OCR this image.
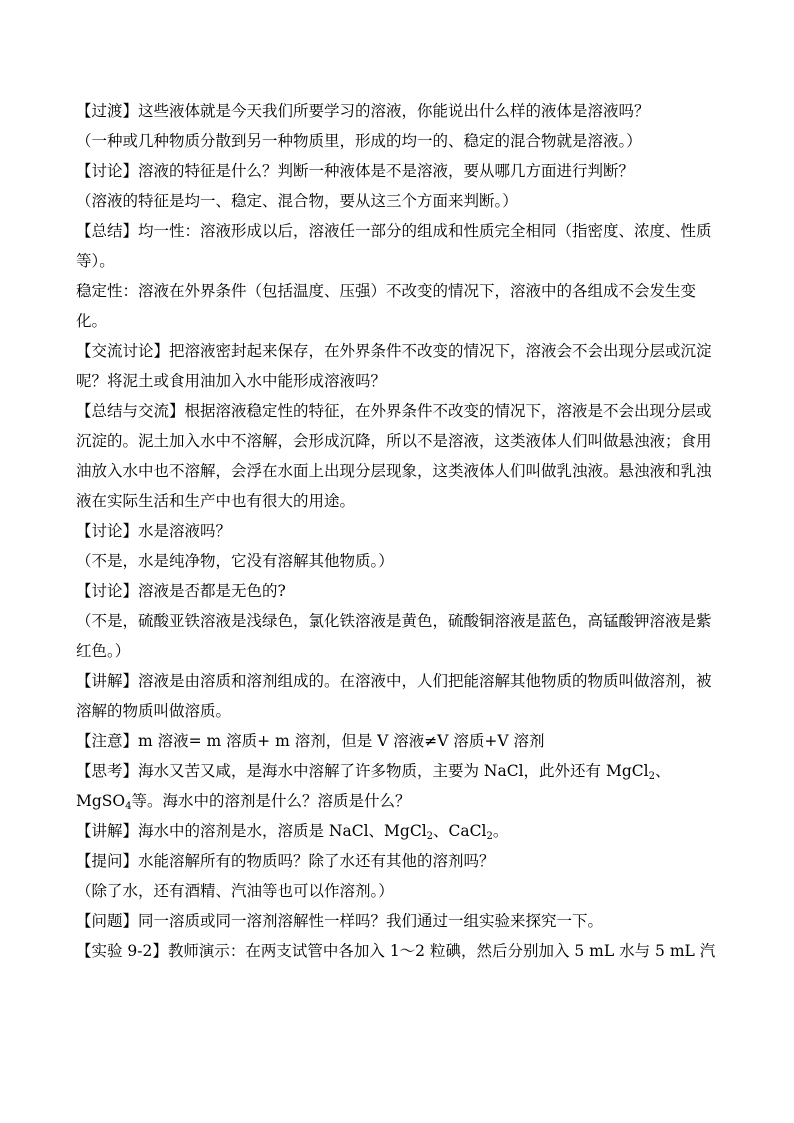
【过渡】这些液体就是今天我们所要学习的溶液，你能说出什么样的液体是溶液吗？

（一种或几种物质分散到另一种物质里，形成的均一的、稳定的混合物就是溶液。）

【讨论】溶液的特征是什么？判断一种液体是不是溶液，要从哪几方面进行判断？

（溶液的特征是均一、稳定、混合物，要从这三个方面来判断。）

【总结】均一性：溶液形成以后，溶液任一部分的组成和性质完全相同（指密度、浓度、性质等）。

稳定性：溶液在外界条件（包括温度、压强）不改变的情况下，溶液中的各组成不会发生变化。

【交流讨论】把溶液密封起来保存，在外界条件不改变的情况下，溶液会不会出现分层或沉淀呢？将泥土或食用油加入水中能形成溶液吗？

【总结与交流】根据溶液稳定性的特征，在外界条件不改变的情况下，溶液是不会出现分层或沉淀的。泥土加入水中不溶解，会形成沉降，所以不是溶液，这类液体人们叫做悬浊液；食用油放入水中也不溶解，会浮在水面上出现分层现象，这类液体人们叫做乳浊液。悬浊液和乳浊液在实际生活和生产中也有很大的用途。

【讨论】水是溶液吗？

（不是，水是纯净物，它没有溶解其他物质。）

【讨论】溶液是否都是无色的?

（不是，硫酸亚铁溶液是浅绿色，氯化铁溶液是黄色，硫酸铜溶液是蓝色，高锰酸钾溶液是紫红色。）

【讲解】溶液是由溶质和溶剂组成的。在溶液中，人们把能溶解其他物质的物质叫做溶剂，被溶解的物质叫做溶质。

【注意】m 溶液= m 溶质+ m 溶剂，但是 V 溶液≠V 溶质+V 溶剂

【思考】海水又苦又咸，是海水中溶解了许多物质，主要为 NaCl，此外还有 MgCl$_2$、MgSO$_4$等。海水中的溶剂是什么？溶质是什么？

【讲解】海水中的溶剂是水，溶质是 NaCl、MgCl$_2$、CaCl$_2$。

【提问】水能溶解所有的物质吗？除了水还有其他的溶剂吗？

（除了水，还有酒精、汽油等也可以作溶剂。）

【问题】同一溶质或同一溶剂溶解性一样吗？我们通过一组实验来探究一下。

【实验 9-2】教师演示：在两支试管中各加入 1～2 粒碘，然后分别加入 5 mL 水与 5 mL 汽
